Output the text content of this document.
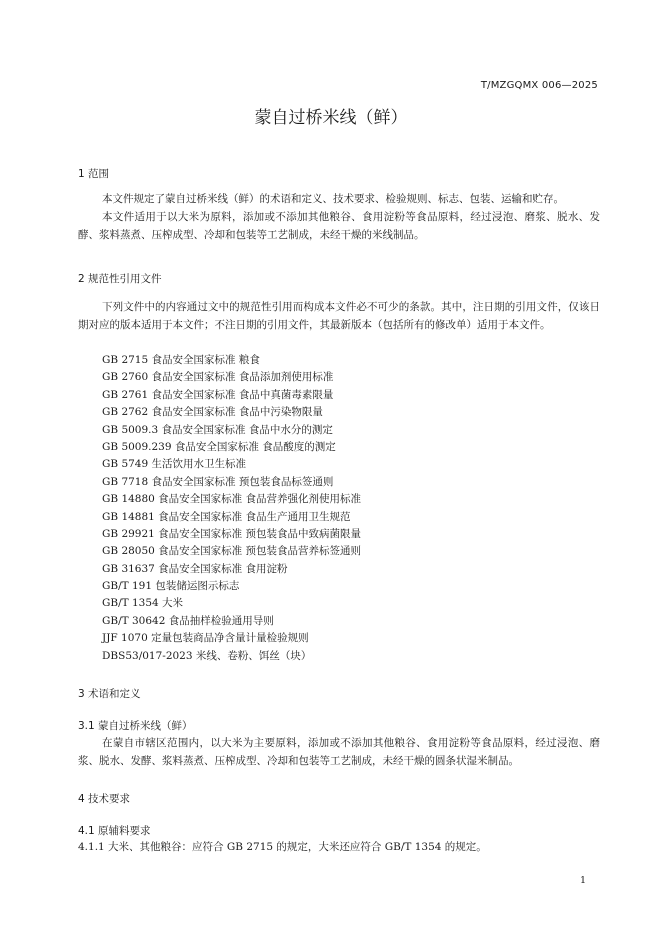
T/MZGQMX 006—2025
蒙自过桥米线（鲜）
1 范围
本文件规定了蒙自过桥米线（鲜）的术语和定义、技术要求、检验规则、标志、包装、运输和贮存。
本文件适用于以大米为原料，添加或不添加其他粮谷、食用淀粉等食品原料，经过浸泡、磨浆、脱水、发酵、浆料蒸煮、压榨成型、冷却和包装等工艺制成，未经干燥的米线制品。
2 规范性引用文件
下列文件中的内容通过文中的规范性引用而构成本文件必不可少的条款。其中，注日期的引用文件，仅该日期对应的版本适用于本文件；不注日期的引用文件，其最新版本（包括所有的修改单）适用于本文件。
GB 2715 食品安全国家标准 粮食
GB 2760 食品安全国家标准 食品添加剂使用标准
GB 2761 食品安全国家标准 食品中真菌毒素限量
GB 2762 食品安全国家标准 食品中污染物限量
GB 5009.3 食品安全国家标准 食品中水分的测定
GB 5009.239 食品安全国家标准 食品酸度的测定
GB 5749 生活饮用水卫生标准
GB 7718 食品安全国家标准 预包装食品标签通则
GB 14880 食品安全国家标准 食品营养强化剂使用标准
GB 14881 食品安全国家标准 食品生产通用卫生规范
GB 29921 食品安全国家标准 预包装食品中致病菌限量
GB 28050 食品安全国家标准 预包装食品营养标签通则
GB 31637 食品安全国家标准 食用淀粉
GB/T 191 包装储运图示标志
GB/T 1354 大米
GB/T 30642 食品抽样检验通用导则
JJF 1070 定量包装商品净含量计量检验规则
DBS53/017-2023 米线、卷粉、饵丝（块）
3 术语和定义
3.1 蒙自过桥米线（鲜）
在蒙自市辖区范围内，以大米为主要原料，添加或不添加其他粮谷、食用淀粉等食品原料，经过浸泡、磨浆、脱水、发酵、浆料蒸煮、压榨成型、冷却和包装等工艺制成，未经干燥的圆条状湿米制品。
4 技术要求
4.1 原辅料要求
4.1.1 大米、其他粮谷：应符合 GB 2715 的规定，大米还应符合 GB/T 1354 的规定。
1
